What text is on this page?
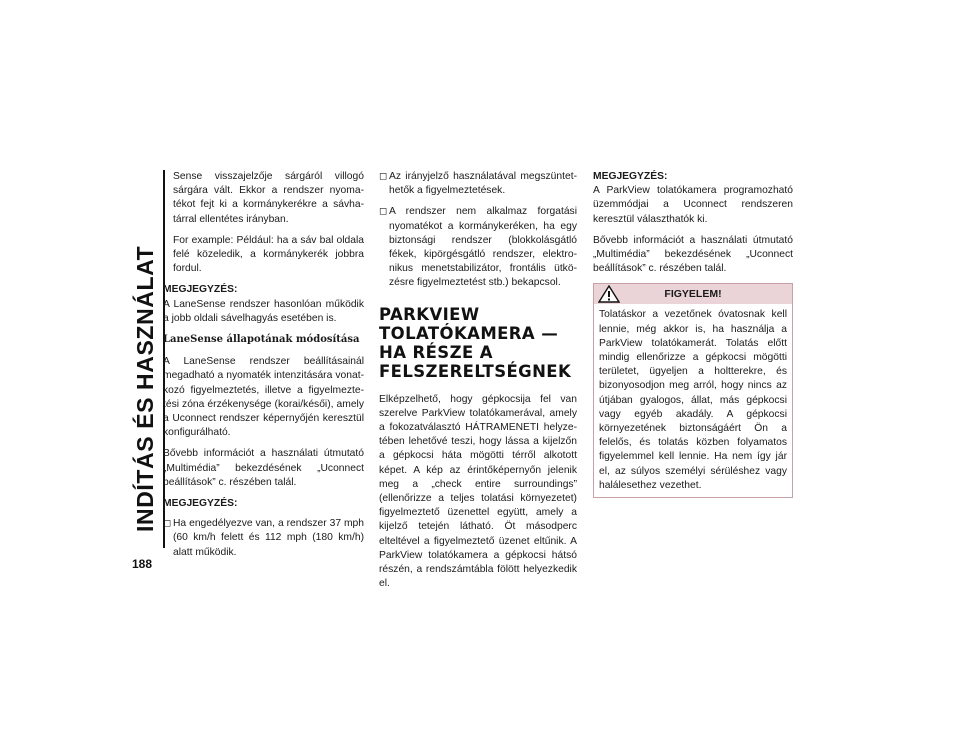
INDÍTÁS ÉS HASZNÁLAT
188

Sense visszajelzője sárgáról villogó sárgára vált. Ekkor a rendszer nyomatékot fejt ki a kormánykerékre a sávhatárral ellentétes irányban.

For example: Például: ha a sáv bal oldala felé közeledik, a kormánykerék jobbra fordul.

MEGJEGYZÉS:

A LaneSense rendszer hasonlóan működik a jobb oldali sávelhagyás esetében is.

LaneSense állapotának módosítása

A LaneSense rendszer beállításainál megadható a nyomaték intenzitására vonatkozó figyelmeztetés, illetve a figyelmeztetési zóna érzékenysége (korai/késői), amely a Uconnect rendszer képernyőjén keresztül konfigurálható.

Bővebb információt a használati útmutató „Multimédia” bekezdésének „Uconnect beállítások” c. részében talál.

MEGJEGYZÉS:
◻ Ha engedélyezve van, a rendszer 37 mph (60 km/h felett és 112 mph (180 km/h) alatt működik.
◻ Az irányjelző használatával megszüntethetők a figyelmeztetések.
◻ A rendszer nem alkalmaz forgatási nyomatékot a kormánykeréken, ha egy biztonsági rendszer (blokkolásgátló fékek, kipörgésgátló rendszer, elektronikus menetstabilizátor, frontális ütközésre figyelmeztetést stb.) bekapcsol.
PARKVIEW TOLATÓKAMERA — HA RÉSZE A FELSZERELTSÉGNEK

Elképzelhető, hogy gépkocsija fel van szerelve ParkView tolatókamerával, amely a fokozatválasztó HÁTRAMENETI helyzetében lehetővé teszi, hogy lássa a kijelzőn a gépkocsi háta mögötti térről alkotott képet. A kép az érintőképernyőn jelenik meg a „check entire surroundings” (ellenőrizze a teljes tolatási környezetet) figyelmeztető üzenettel együtt, amely a kijelző tetején látható. Öt másodperc elteltével a figyelmeztető üzenet eltűnik. A ParkView tolatókamera a gépkocsi hátsó részén, a rendszámtábla fölött helyezkedik el.

MEGJEGYZÉS:

A ParkView tolatókamera programozható üzemmódjai a Uconnect rendszeren keresztül választhatók ki.

Bővebb információt a használati útmutató „Multimédia” bekezdésének „Uconnect beállítások” c. részében talál.

FIGYELEM!

Tolatáskor a vezetőnek óvatosnak kell lennie, még akkor is, ha használja a ParkView tolatókamerát. Tolatás előtt mindig ellenőrizze a gépkocsi mögötti területet, ügyeljen a holtterekre, és bizonyosodjon meg arról, hogy nincs az útjában gyalogos, állat, más gépkocsi vagy egyéb akadály. A gépkocsi környezetének biztonságáért Ön a felelős, és tolatás közben folyamatos figyelemmel kell lennie. Ha nem így jár el, az súlyos személyi sérüléshez vagy halálesethez vezethet.
